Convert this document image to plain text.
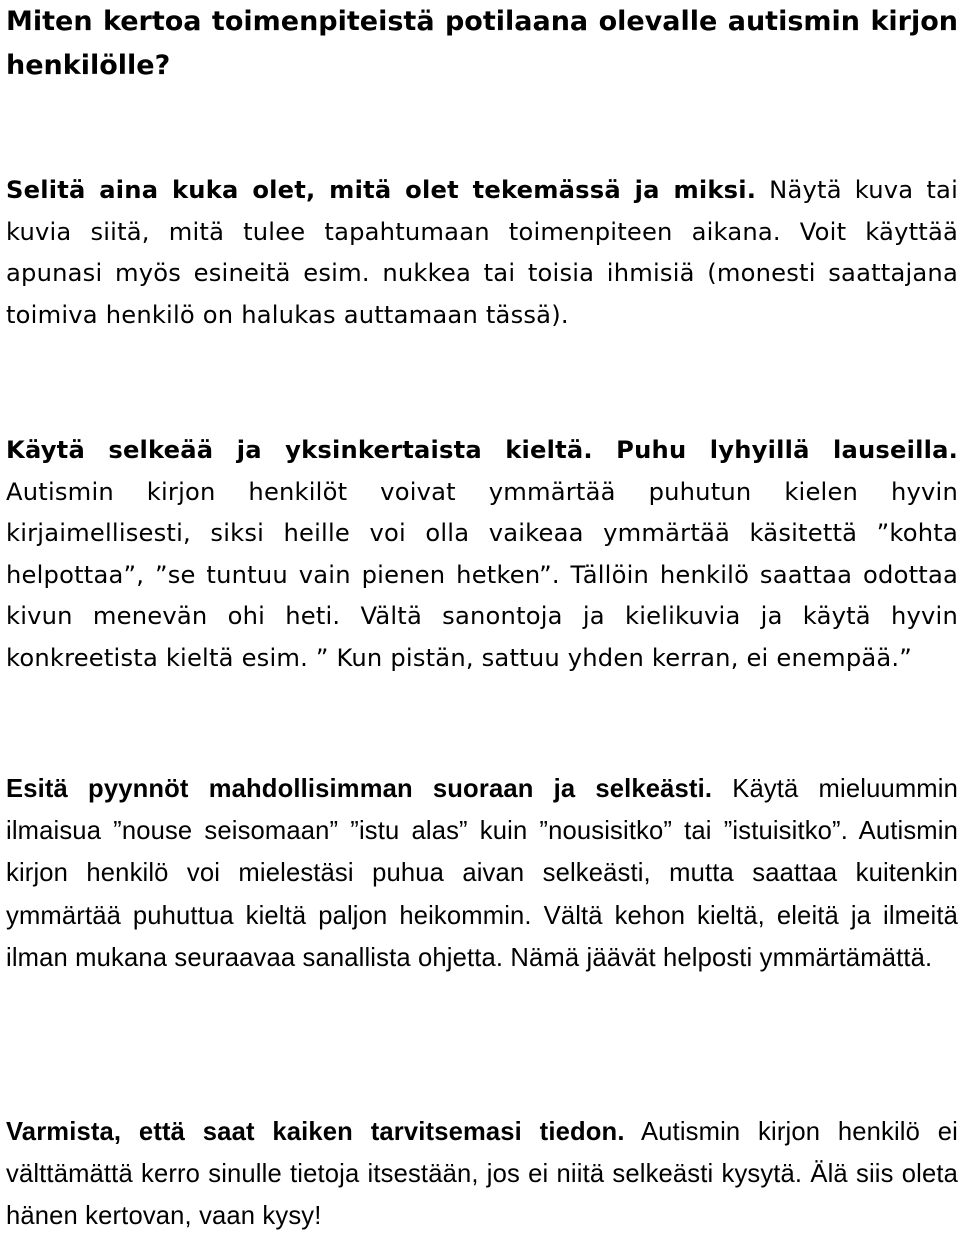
Miten kertoa toimenpiteistä potilaana olevalle autismin kirjon henkilölle?

Selitä aina kuka olet, mitä olet tekemässä ja miksi. Näytä kuva tai kuvia siitä, mitä tulee tapahtumaan toimenpiteen aikana. Voit käyttää apunasi myös esineitä esim. nukkea tai toisia ihmisiä (monesti saattajana toimiva henkilö on halukas auttamaan tässä).

Käytä selkeää ja yksinkertaista kieltä. Puhu lyhyillä lauseilla. Autismin kirjon henkilöt voivat ymmärtää puhutun kielen hyvin kirjaimellisesti, siksi heille voi olla vaikeaa ymmärtää käsitettä ”kohta helpottaa”, ”se tuntuu vain pienen hetken”. Tällöin henkilö saattaa odottaa kivun menevän ohi heti. Vältä sanontoja ja kielikuvia ja käytä hyvin konkreetista kieltä esim. ” Kun pistän, sattuu yhden kerran, ei enempää.”

Esitä pyynnöt mahdollisimman suoraan ja selkeästi. Käytä mieluummin ilmaisua ”nouse seisomaan” ”istu alas” kuin ”nousisitko” tai ”istuisitko”. Autismin kirjon henkilö voi mielestäsi puhua aivan selkeästi, mutta saattaa kuitenkin ymmärtää puhuttua kieltä paljon heikommin. Vältä kehon kieltä, eleitä ja ilmeitä ilman mukana seuraavaa sanallista ohjetta. Nämä jäävät helposti ymmärtämättä.

Varmista, että saat kaiken tarvitsemasi tiedon. Autismin kirjon henkilö ei välttämättä kerro sinulle tietoja itsestään, jos ei niitä selkeästi kysytä. Älä siis oleta hänen kertovan, vaan kysy!
